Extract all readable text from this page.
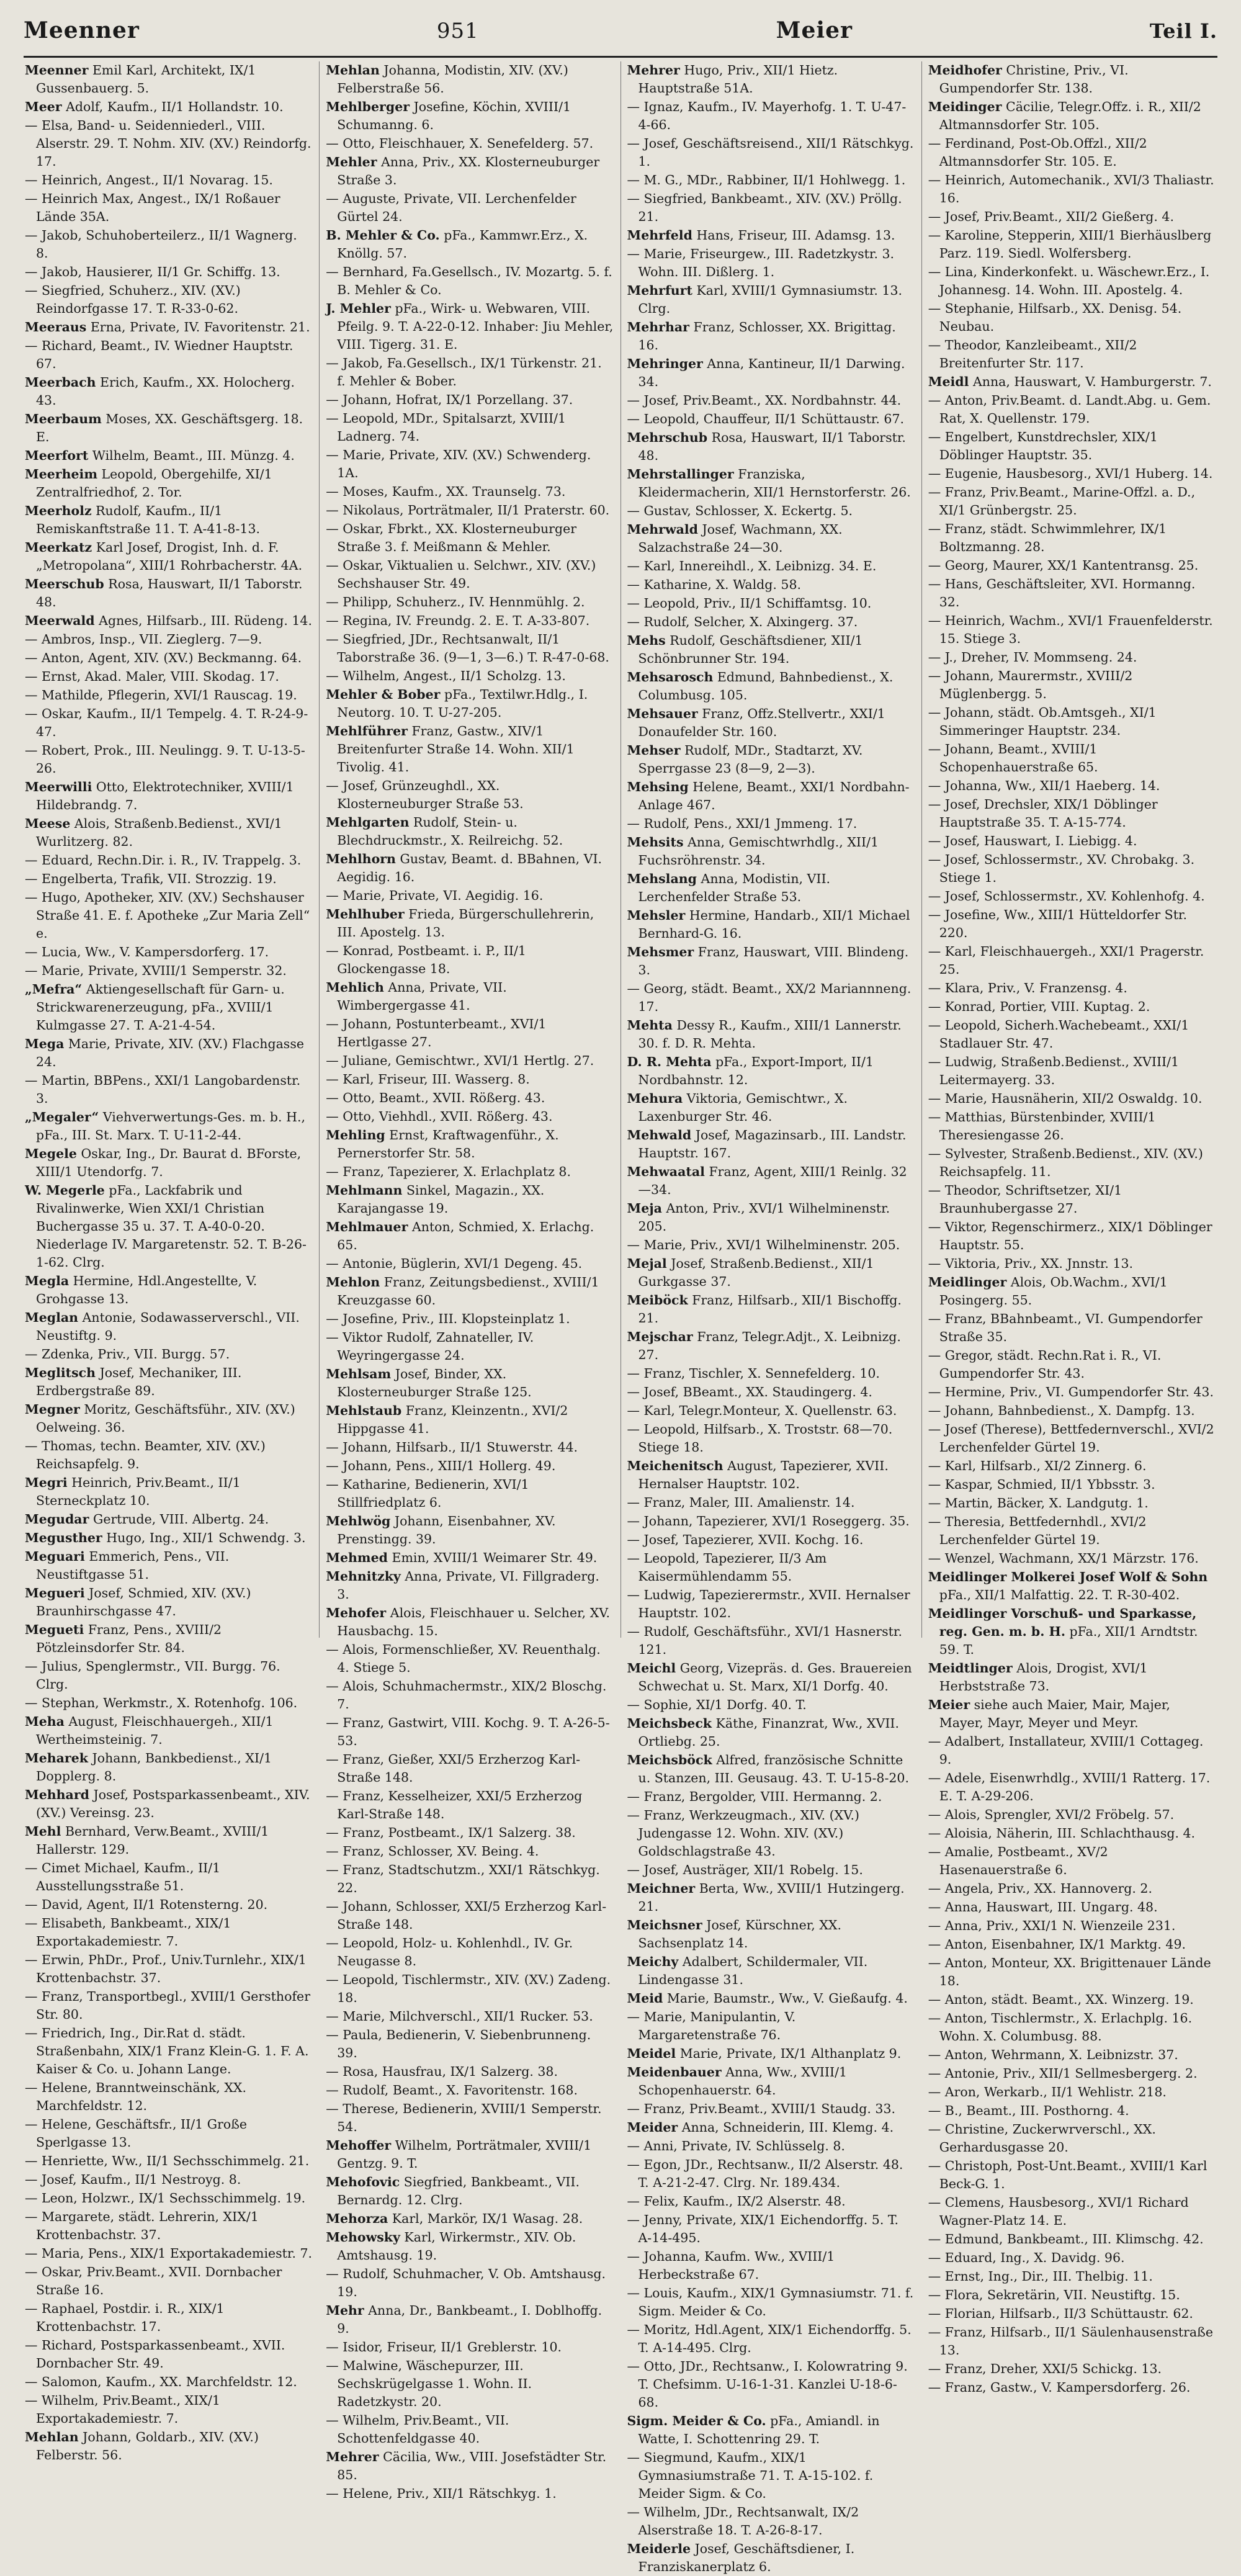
Meenner	951	Meier	Teil I.
Meenner Emil Karl, Architekt, IX/1 Gussenbauerg. 5.
Meer Adolf, Kaufm., II/1 Hollandstr. 10.
— Elsa, Band- u. Seidenniederl., VIII. Alserstr. 29. T. Nohm. XIV. (XV.) Reindorfg. 17.
— Heinrich, Angest., II/1 Novarag. 15.
— Heinrich Max, Angest., IX/1 Roßauer Lände 35A.
— Jakob, Schuhoberteilerz., II/1 Wagnerg. 8.
— Jakob, Hausierer, II/1 Gr. Schiffg. 13.
— Siegfried, Schuherz., XIV. (XV.) Reindorfgasse 17. T. R-33-0-62.
Meeraus Erna, Private, IV. Favoritenstr. 21.
— Richard, Beamt., IV. Wiedner Hauptstr. 67.
Meerbach Erich, Kaufm., XX. Holocherg. 43.
Meerbaum Moses, XX. Geschäftsgerg. 18. E.
Meerfort Wilhelm, Beamt., III. Münzg. 4.
Meerheim Leopold, Obergehilfe, XI/1 Zentralfriedhof, 2. Tor.
Meerholz Rudolf, Kaufm., II/1 Remiskanftstraße 11. T. A-41-8-13.
Meerkatz Karl Josef, Drogist, Inh. d. F. „Metropolana“, XIII/1 Rohrbacherstr. 4A.
Meerschub Rosa, Hauswart, II/1 Taborstr. 48.
Meerwald Agnes, Hilfsarb., III. Rüdeng. 14.
— Ambros, Insp., VII. Zieglerg. 7—9.
— Anton, Agent, XIV. (XV.) Beckmanng. 64.
— Ernst, Akad. Maler, VIII. Skodag. 17.
— Mathilde, Pflegerin, XVI/1 Rauscag. 19.
— Oskar, Kaufm., II/1 Tempelg. 4. T. R-24-9-47.
— Robert, Prok., III. Neulingg. 9. T. U-13-5-26.
Meerwilli Otto, Elektrotechniker, XVIII/1 Hildebrandg. 7.
Meese Alois, Straßenb.Bedienst., XVI/1 Wurlitzerg. 82.
— Eduard, Rechn.Dir. i. R., IV. Trappelg. 3.
— Engelberta, Trafik, VII. Strozzig. 19.
— Hugo, Apotheker, XIV. (XV.) Sechshauser Straße 41. E. f. Apotheke „Zur Maria Zell“ e.
— Lucia, Ww., V. Kampersdorferg. 17.
— Marie, Private, XVIII/1 Semperstr. 32.
„Mefra“ Aktiengesellschaft für Garn- u. Strickwarenerzeugung, pFa., XVIII/1 Kulmgasse 27. T. A-21-4-54.
Mega Marie, Private, XIV. (XV.) Flachgasse 24.
— Martin, BBPens., XXI/1 Langobardenstr. 3.
„Megaler“ Viehverwertungs-Ges. m. b. H., pFa., III. St. Marx. T. U-11-2-44.
Megele Oskar, Ing., Dr. Baurat d. BForste, XIII/1 Utendorfg. 7.
W. Megerle pFa., Lackfabrik und Rivalinwerke, Wien XXI/1 Christian Buchergasse 35 u. 37. T. A-40-0-20. Niederlage IV. Margaretenstr. 52. T. B-26-1-62. Clrg.
Megla Hermine, Hdl.Angestellte, V. Grohgasse 13.
Meglan Antonie, Sodawasserverschl., VII. Neustiftg. 9.
— Zdenka, Priv., VII. Burgg. 57.
Meglitsch Josef, Mechaniker, III. Erdbergstraße 89.
Megner Moritz, Geschäftsführ., XIV. (XV.) Oelweing. 36.
— Thomas, techn. Beamter, XIV. (XV.) Reichsapfelg. 9.
Megri Heinrich, Priv.Beamt., II/1 Sterneckplatz 10.
Megudar Gertrude, VIII. Albertg. 24.
Megusther Hugo, Ing., XII/1 Schwendg. 3.
Meguari Emmerich, Pens., VII. Neustiftgasse 51.
Megueri Josef, Schmied, XIV. (XV.) Braunhirschgasse 47.
Megueti Franz, Pens., XVIII/2 Pötzleinsdorfer Str. 84.
— Julius, Spenglermstr., VII. Burgg. 76. Clrg.
— Stephan, Werkmstr., X. Rotenhofg. 106.
Meha August, Fleischhauergeh., XII/1 Wertheimsteinig. 7.
Meharek Johann, Bankbedienst., XI/1 Dopplerg. 8.
Mehhard Josef, Postsparkassenbeamt., XIV. (XV.) Vereinsg. 23.
Mehl Bernhard, Verw.Beamt., XVIII/1 Hallerstr. 129.
— Cimet Michael, Kaufm., II/1 Ausstellungsstraße 51.
— David, Agent, II/1 Rotensterng. 20.
— Elisabeth, Bankbeamt., XIX/1 Exportakademiestr. 7.
— Erwin, PhDr., Prof., Univ.Turnlehr., XIX/1 Krottenbachstr. 37.
— Franz, Transportbegl., XVIII/1 Gersthofer Str. 80.
— Friedrich, Ing., Dir.Rat d. städt. Straßenbahn, XIX/1 Franz Klein-G. 1. F. A. Kaiser & Co. u. Johann Lange.
— Helene, Branntweinschänk, XX. Marchfeldstr. 12.
— Helene, Geschäftsfr., II/1 Große Sperlgasse 13.
— Henriette, Ww., II/1 Sechsschimmelg. 21.
— Josef, Kaufm., II/1 Nestroyg. 8.
— Leon, Holzwr., IX/1 Sechsschimmelg. 19.
— Margarete, städt. Lehrerin, XIX/1 Krottenbachstr. 37.
— Maria, Pens., XIX/1 Exportakademiestr. 7.
— Oskar, Priv.Beamt., XVII. Dornbacher Straße 16.
— Raphael, Postdir. i. R., XIX/1 Krottenbachstr. 17.
— Richard, Postsparkassenbeamt., XVII. Dornbacher Str. 49.
— Salomon, Kaufm., XX. Marchfeldstr. 12.
— Wilhelm, Priv.Beamt., XIX/1 Exportakademiestr. 7.
Mehlan Johann, Goldarb., XIV. (XV.) Felberstr. 56.
Mehlan Johanna, Modistin, XIV. (XV.) Felberstraße 56.
Mehlberger Josefine, Köchin, XVIII/1 Schumanng. 6.
— Otto, Fleischhauer, X. Senefelderg. 57.
Mehler Anna, Priv., XX. Klosterneuburger Straße 3.
— Auguste, Private, VII. Lerchenfelder Gürtel 24.
B. Mehler & Co. pFa., Kammwr.Erz., X. Knöllg. 57.
— Bernhard, Fa.Gesellsch., IV. Mozartg. 5. f. B. Mehler & Co.
J. Mehler pFa., Wirk- u. Webwaren, VIII. Pfeilg. 9. T. A-22-0-12. Inhaber: Jiu Mehler, VIII. Tigerg. 31. E.
— Jakob, Fa.Gesellsch., IX/1 Türkenstr. 21. f. Mehler & Bober.
— Johann, Hofrat, IX/1 Porzellang. 37.
— Leopold, MDr., Spitalsarzt, XVIII/1 Ladnerg. 74.
— Marie, Private, XIV. (XV.) Schwenderg. 1A.
— Moses, Kaufm., XX. Traunselg. 73.
— Nikolaus, Porträtmaler, II/1 Praterstr. 60.
— Oskar, Fbrkt., XX. Klosterneuburger Straße 3. f. Meißmann & Mehler.
— Oskar, Viktualien u. Selchwr., XIV. (XV.) Sechshauser Str. 49.
— Philipp, Schuherz., IV. Hennmühlg. 2.
— Regina, IV. Freundg. 2. E. T. A-33-807.
— Siegfried, JDr., Rechtsanwalt, II/1 Taborstraße 36. (9—1, 3—6.) T. R-47-0-68.
— Wilhelm, Angest., II/1 Scholzg. 13.
Mehler & Bober pFa., Textilwr.Hdlg., I. Neutorg. 10. T. U-27-205.
Mehlführer Franz, Gastw., XIV/1 Breitenfurter Straße 14. Wohn. XII/1 Tivolig. 41.
— Josef, Grünzeughdl., XX. Klosterneuburger Straße 53.
Mehlgarten Rudolf, Stein- u. Blechdruckmstr., X. Reilreichg. 52.
Mehlhorn Gustav, Beamt. d. BBahnen, VI. Aegidig. 16.
— Marie, Private, VI. Aegidig. 16.
Mehlhuber Frieda, Bürgerschullehrerin, III. Apostelg. 13.
— Konrad, Postbeamt. i. P., II/1 Glockengasse 18.
Mehlich Anna, Private, VII. Wimbergergasse 41.
— Johann, Postunterbeamt., XVI/1 Hertlgasse 27.
— Juliane, Gemischtwr., XVI/1 Hertlg. 27.
— Karl, Friseur, III. Wasserg. 8.
— Otto, Beamt., XVII. Rößerg. 43.
— Otto, Viehhdl., XVII. Rößerg. 43.
Mehling Ernst, Kraftwagenführ., X. Pernerstorfer Str. 58.
— Franz, Tapezierer, X. Erlachplatz 8.
Mehlmann Sinkel, Magazin., XX. Karajangasse 19.
Mehlmauer Anton, Schmied, X. Erlachg. 65.
— Antonie, Büglerin, XVI/1 Degeng. 45.
Mehlon Franz, Zeitungsbedienst., XVIII/1 Kreuzgasse 60.
— Josefine, Priv., III. Klopsteinplatz 1.
— Viktor Rudolf, Zahnateller, IV. Weyringergasse 24.
Mehlsam Josef, Binder, XX. Klosterneuburger Straße 125.
Mehlstaub Franz, Kleinzentn., XVI/2 Hippgasse 41.
— Johann, Hilfsarb., II/1 Stuwerstr. 44.
— Johann, Pens., XIII/1 Hollerg. 49.
— Katharine, Bedienerin, XVI/1 Stillfriedplatz 6.
Mehlwög Johann, Eisenbahner, XV. Prenstingg. 39.
Mehmed Emin, XVIII/1 Weimarer Str. 49.
Mehnitzky Anna, Private, VI. Fillgraderg. 3.
Mehofer Alois, Fleischhauer u. Selcher, XV. Hausbachg. 15.
— Alois, Formenschließer, XV. Reuenthalg. 4. Stiege 5.
— Alois, Schuhmachermstr., XIX/2 Bloschg. 7.
— Franz, Gastwirt, VIII. Kochg. 9. T. A-26-5-53.
— Franz, Gießer, XXI/5 Erzherzog Karl-Straße 148.
— Franz, Kesselheizer, XXI/5 Erzherzog Karl-Straße 148.
— Franz, Postbeamt., IX/1 Salzerg. 38.
— Franz, Schlosser, XV. Being. 4.
— Franz, Stadtschutzm., XXI/1 Rätschkyg. 22.
— Johann, Schlosser, XXI/5 Erzherzog Karl-Straße 148.
— Leopold, Holz- u. Kohlenhdl., IV. Gr. Neugasse 8.
— Leopold, Tischlermstr., XIV. (XV.) Zadeng. 18.
— Marie, Milchverschl., XII/1 Rucker. 53.
— Paula, Bedienerin, V. Siebenbrunneng. 39.
— Rosa, Hausfrau, IX/1 Salzerg. 38.
— Rudolf, Beamt., X. Favoritenstr. 168.
— Therese, Bedienerin, XVIII/1 Semperstr. 54.
Mehoffer Wilhelm, Porträtmaler, XVIII/1 Gentzg. 9. T.
Mehofovic Siegfried, Bankbeamt., VII. Bernardg. 12. Clrg.
Mehorza Karl, Markör, IX/1 Wasag. 28.
Mehowsky Karl, Wirkermstr., XIV. Ob. Amtshausg. 19.
— Rudolf, Schuhmacher, V. Ob. Amtshausg. 19.
Mehr Anna, Dr., Bankbeamt., I. Doblhoffg. 9.
— Isidor, Friseur, II/1 Greblerstr. 10.
— Malwine, Wäschepurzer, III. Sechskrügelgasse 1. Wohn. II. Radetzkystr. 20.
— Wilhelm, Priv.Beamt., VII. Schottenfeldgasse 40.
Mehrer Cäcilia, Ww., VIII. Josefstädter Str. 85.
— Helene, Priv., XII/1 Rätschkyg. 1.
Mehrer Hugo, Priv., XII/1 Hietz. Hauptstraße 51A.
— Ignaz, Kaufm., IV. Mayerhofg. 1. T. U-47-4-66.
— Josef, Geschäftsreisend., XII/1 Rätschkyg. 1.
— M. G., MDr., Rabbiner, II/1 Hohlwegg. 1.
— Siegfried, Bankbeamt., XIV. (XV.) Pröllg. 21.
Mehrfeld Hans, Friseur, III. Adamsg. 13.
— Marie, Friseurgew., III. Radetzkystr. 3. Wohn. III. Dißlerg. 1.
Mehrfurt Karl, XVIII/1 Gymnasiumstr. 13. Clrg.
Mehrhar Franz, Schlosser, XX. Brigittag. 16.
Mehringer Anna, Kantineur, II/1 Darwing. 34.
— Josef, Priv.Beamt., XX. Nordbahnstr. 44.
— Leopold, Chauffeur, II/1 Schüttaustr. 67.
Mehrschub Rosa, Hauswart, II/1 Taborstr. 48.
Mehrstallinger Franziska, Kleidermacherin, XII/1 Hernstorferstr. 26.
— Gustav, Schlosser, X. Eckertg. 5.
Mehrwald Josef, Wachmann, XX. Salzachstraße 24—30.
— Karl, Innereihdl., X. Leibnizg. 34. E.
— Katharine, X. Waldg. 58.
— Leopold, Priv., II/1 Schiffamtsg. 10.
— Rudolf, Selcher, X. Alxingerg. 37.
Mehs Rudolf, Geschäftsdiener, XII/1 Schönbrunner Str. 194.
Mehsarosch Edmund, Bahnbedienst., X. Columbusg. 105.
Mehsauer Franz, Offz.Stellvertr., XXI/1 Donaufelder Str. 160.
Mehser Rudolf, MDr., Stadtarzt, XV. Sperrgasse 23 (8—9, 2—3).
Mehsing Helene, Beamt., XXI/1 Nordbahn-Anlage 467.
— Rudolf, Pens., XXI/1 Jmmeng. 17.
Mehsits Anna, Gemischtwrhdlg., XII/1 Fuchsröhrenstr. 34.
Mehslang Anna, Modistin, VII. Lerchenfelder Straße 53.
Mehsler Hermine, Handarb., XII/1 Michael Bernhard-G. 16.
Mehsmer Franz, Hauswart, VIII. Blindeng. 3.
— Georg, städt. Beamt., XX/2 Mariannneng. 17.
Mehta Dessy R., Kaufm., XIII/1 Lannerstr. 30. f. D. R. Mehta.
D. R. Mehta pFa., Export-Import, II/1 Nordbahnstr. 12.
Mehura Viktoria, Gemischtwr., X. Laxenburger Str. 46.
Mehwald Josef, Magazinsarb., III. Landstr. Hauptstr. 167.
Mehwaatal Franz, Agent, XIII/1 Reinlg. 32—34.
Meja Anton, Priv., XVI/1 Wilhelminenstr. 205.
— Marie, Priv., XVI/1 Wilhelminenstr. 205.
Mejal Josef, Straßenb.Bedienst., XII/1 Gurkgasse 37.
Meiböck Franz, Hilfsarb., XII/1 Bischoffg. 21.
Mejschar Franz, Telegr.Adjt., X. Leibnizg. 27.
— Franz, Tischler, X. Sennefelderg. 10.
— Josef, BBeamt., XX. Staudingerg. 4.
— Karl, Telegr.Monteur, X. Quellenstr. 63.
— Leopold, Hilfsarb., X. Troststr. 68—70. Stiege 18.
Meichenitsch August, Tapezierer, XVII. Hernalser Hauptstr. 102.
— Franz, Maler, III. Amalienstr. 14.
— Johann, Tapezierer, XVI/1 Roseggerg. 35.
— Josef, Tapezierer, XVII. Kochg. 16.
— Leopold, Tapezierer, II/3 Am Kaisermühlendamm 55.
— Ludwig, Tapezierermstr., XVII. Hernalser Hauptstr. 102.
— Rudolf, Geschäftsführ., XVI/1 Hasnerstr. 121.
Meichl Georg, Vizepräs. d. Ges. Brauereien Schwechat u. St. Marx, XI/1 Dorfg. 40.
— Sophie, XI/1 Dorfg. 40. T.
Meichsbeck Käthe, Finanzrat, Ww., XVII. Ortliebg. 25.
Meichsböck Alfred, französische Schnitte u. Stanzen, III. Geusaug. 43. T. U-15-8-20.
— Franz, Bergolder, VIII. Hermanng. 2.
— Franz, Werkzeugmach., XIV. (XV.) Judengasse 12. Wohn. XIV. (XV.) Goldschlagstraße 43.
— Josef, Austräger, XII/1 Robelg. 15.
Meichner Berta, Ww., XVIII/1 Hutzingerg. 21.
Meichsner Josef, Kürschner, XX. Sachsenplatz 14.
Meichy Adalbert, Schildermaler, VII. Lindengasse 31.
Meid Marie, Baumstr., Ww., V. Gießaufg. 4.
— Marie, Manipulantin, V. Margaretenstraße 76.
Meidel Marie, Private, IX/1 Althanplatz 9.
Meidenbauer Anna, Ww., XVIII/1 Schopenhauerstr. 64.
— Franz, Priv.Beamt., XVIII/1 Staudg. 33.
Meider Anna, Schneiderin, III. Klemg. 4.
— Anni, Private, IV. Schlüsselg. 8.
— Egon, JDr., Rechtsanw., II/2 Alserstr. 48. T. A-21-2-47. Clrg. Nr. 189.434.
— Felix, Kaufm., IX/2 Alserstr. 48.
— Jenny, Private, XIX/1 Eichendorffg. 5. T. A-14-495.
— Johanna, Kaufm. Ww., XVIII/1 Herbeckstraße 67.
— Louis, Kaufm., XIX/1 Gymnasiumstr. 71. f. Sigm. Meider & Co.
— Moritz, Hdl.Agent, XIX/1 Eichendorffg. 5. T. A-14-495. Clrg.
— Otto, JDr., Rechtsanw., I. Kolowratring 9. T. Chefsimm. U-16-1-31. Kanzlei U-18-6-68.
Sigm. Meider & Co. pFa., Amiandl. in Watte, I. Schottenring 29. T.
— Siegmund, Kaufm., XIX/1 Gymnasiumstraße 71. T. A-15-102. f. Meider Sigm. & Co.
— Wilhelm, JDr., Rechtsanwalt, IX/2 Alserstraße 18. T. A-26-8-17.
Meiderle Josef, Geschäftsdiener, I. Franziskanerplatz 6.
Meidhofer Christine, Priv., VI. Gumpendorfer Str. 138.
Meidinger Cäcilie, Telegr.Offz. i. R., XII/2 Altmannsdorfer Str. 105.
— Ferdinand, Post-Ob.Offzl., XII/2 Altmannsdorfer Str. 105. E.
— Heinrich, Automechanik., XVI/3 Thaliastr. 16.
— Josef, Priv.Beamt., XII/2 Gießerg. 4.
— Karoline, Stepperin, XIII/1 Bierhäuslberg Parz. 119. Siedl. Wolfersberg.
— Lina, Kinderkonfekt. u. Wäschewr.Erz., I. Johannesg. 14. Wohn. III. Apostelg. 4.
— Stephanie, Hilfsarb., XX. Denisg. 54. Neubau.
— Theodor, Kanzleibeamt., XII/2 Breitenfurter Str. 117.
Meidl Anna, Hauswart, V. Hamburgerstr. 7.
— Anton, Priv.Beamt. d. Landt.Abg. u. Gem. Rat, X. Quellenstr. 179.
— Engelbert, Kunstdrechsler, XIX/1 Döblinger Hauptstr. 35.
— Eugenie, Hausbesorg., XVI/1 Huberg. 14.
— Franz, Priv.Beamt., Marine-Offzl. a. D., XI/1 Grünbergstr. 25.
— Franz, städt. Schwimmlehrer, IX/1 Boltzmanng. 28.
— Georg, Maurer, XX/1 Kantentransg. 25.
— Hans, Geschäftsleiter, XVI. Hormanng. 32.
— Heinrich, Wachm., XVI/1 Frauenfelderstr. 15. Stiege 3.
— J., Dreher, IV. Mommseng. 24.
— Johann, Maurermstr., XVIII/2 Müglenbergg. 5.
— Johann, städt. Ob.Amtsgeh., XI/1 Simmeringer Hauptstr. 234.
— Johann, Beamt., XVIII/1 Schopenhauerstraße 65.
— Johanna, Ww., XII/1 Haeberg. 14.
— Josef, Drechsler, XIX/1 Döblinger Hauptstraße 35. T. A-15-774.
— Josef, Hauswart, I. Liebigg. 4.
— Josef, Schlossermstr., XV. Chrobakg. 3. Stiege 1.
— Josef, Schlossermstr., XV. Kohlenhofg. 4.
— Josefine, Ww., XIII/1 Hütteldorfer Str. 220.
— Karl, Fleischhauergeh., XXI/1 Pragerstr. 25.
— Klara, Priv., V. Franzensg. 4.
— Konrad, Portier, VIII. Kuptag. 2.
— Leopold, Sicherh.Wachebeamt., XXI/1 Stadlauer Str. 47.
— Ludwig, Straßenb.Bedienst., XVIII/1 Leitermayerg. 33.
— Marie, Hausnäherin, XII/2 Oswaldg. 10.
— Matthias, Bürstenbinder, XVIII/1 Theresiengasse 26.
— Sylvester, Straßenb.Bedienst., XIV. (XV.) Reichsapfelg. 11.
— Theodor, Schriftsetzer, XI/1 Braunhubergasse 27.
— Viktor, Regenschirmerz., XIX/1 Döblinger Hauptstr. 55.
— Viktoria, Priv., XX. Jnnstr. 13.
Meidlinger Alois, Ob.Wachm., XVI/1 Posingerg. 55.
— Franz, BBahnbeamt., VI. Gumpendorfer Straße 35.
— Gregor, städt. Rechn.Rat i. R., VI. Gumpendorfer Str. 43.
— Hermine, Priv., VI. Gumpendorfer Str. 43.
— Johann, Bahnbedienst., X. Dampfg. 13.
— Josef (Therese), Bettfedernverschl., XVI/2 Lerchenfelder Gürtel 19.
— Karl, Hilfsarb., XI/2 Zinnerg. 6.
— Kaspar, Schmied, II/1 Ybbsstr. 3.
— Martin, Bäcker, X. Landgutg. 1.
— Theresia, Bettfedernhdl., XVI/2 Lerchenfelder Gürtel 19.
— Wenzel, Wachmann, XX/1 Märzstr. 176.
Meidlinger Molkerei Josef Wolf & Sohn pFa., XII/1 Malfattig. 22. T. R-30-402.
Meidlinger Vorschuß- und Sparkasse, reg. Gen. m. b. H. pFa., XII/1 Arndtstr. 59. T.
Meidtlinger Alois, Drogist, XVI/1 Herbststraße 73.
Meier siehe auch Maier, Mair, Majer, Mayer, Mayr, Meyer und Meyr.
— Adalbert, Installateur, XVIII/1 Cottageg. 9.
— Adele, Eisenwrhdlg., XVIII/1 Ratterg. 17. E. T. A-29-206.
— Alois, Sprengler, XVI/2 Fröbelg. 57.
— Aloisia, Näherin, III. Schlachthausg. 4.
— Amalie, Postbeamt., XV/2 Hasenauerstraße 6.
— Angela, Priv., XX. Hannoverg. 2.
— Anna, Hauswart, III. Ungarg. 48.
— Anna, Priv., XXI/1 N. Wienzeile 231.
— Anton, Eisenbahner, IX/1 Marktg. 49.
— Anton, Monteur, XX. Brigittenauer Lände 18.
— Anton, städt. Beamt., XX. Winzerg. 19.
— Anton, Tischlermstr., X. Erlachplg. 16. Wohn. X. Columbusg. 88.
— Anton, Wehrmann, X. Leibnizstr. 37.
— Antonie, Priv., XII/1 Sellmesbergerg. 2.
— Aron, Werkarb., II/1 Wehlistr. 218.
— B., Beamt., III. Posthorng. 4.
— Christine, Zuckerwrverschl., XX. Gerhardusgasse 20.
— Christoph, Post-Unt.Beamt., XVIII/1 Karl Beck-G. 1.
— Clemens, Hausbesorg., XVI/1 Richard Wagner-Platz 14. E.
— Edmund, Bankbeamt., III. Klimschg. 42.
— Eduard, Ing., X. Davidg. 96.
— Ernst, Ing., Dir., III. Thelbig. 11.
— Flora, Sekretärin, VII. Neustiftg. 15.
— Florian, Hilfsarb., II/3 Schüttaustr. 62.
— Franz, Hilfsarb., II/1 Säulenhausenstraße 13.
— Franz, Dreher, XXI/5 Schickg. 13.
— Franz, Gastw., V. Kampersdorferg. 26.
